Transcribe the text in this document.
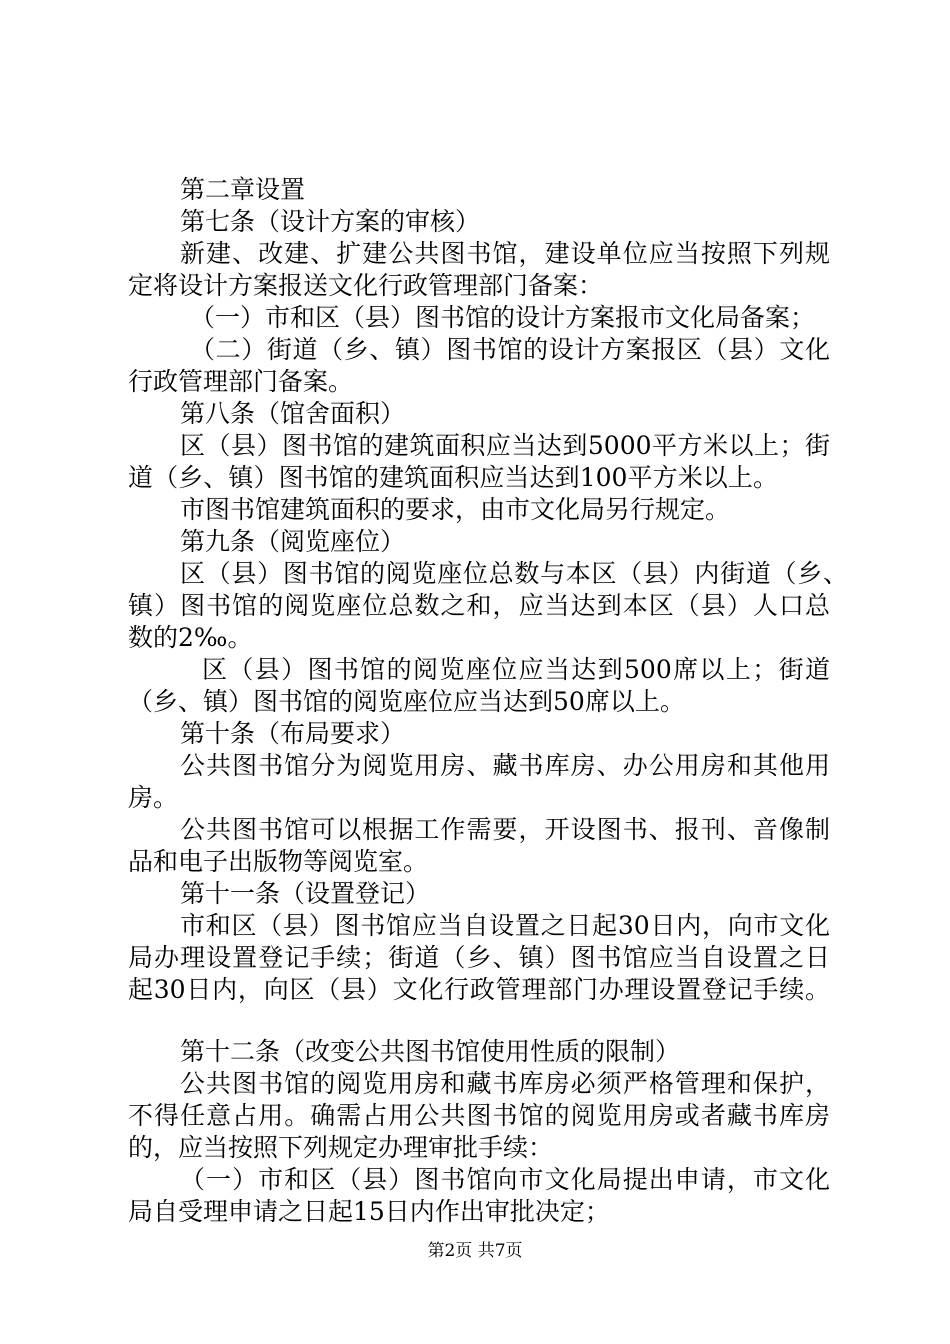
第二章设置
第七条（设计方案的审核）
新建、改建、扩建公共图书馆，建设单位应当按照下列规
定将设计方案报送文化行政管理部门备案：
（一）市和区（县）图书馆的设计方案报市文化局备案；
（二）街道（乡、镇）图书馆的设计方案报区（县）文化
行政管理部门备案。
第八条（馆舍面积）
区（县）图书馆的建筑面积应当达到5000平方米以上；街
道（乡、镇）图书馆的建筑面积应当达到100平方米以上。
市图书馆建筑面积的要求，由市文化局另行规定。
第九条（阅览座位）
区（县）图书馆的阅览座位总数与本区（县）内街道（乡、
镇）图书馆的阅览座位总数之和，应当达到本区（县）人口总
数的2‰。
区（县）图书馆的阅览座位应当达到500席以上；街道
（乡、镇）图书馆的阅览座位应当达到50席以上。
第十条（布局要求）
公共图书馆分为阅览用房、藏书库房、办公用房和其他用
房。
公共图书馆可以根据工作需要，开设图书、报刊、音像制
品和电子出版物等阅览室。
第十一条（设置登记）
市和区（县）图书馆应当自设置之日起30日内，向市文化
局办理设置登记手续；街道（乡、镇）图书馆应当自设置之日
起30日内，向区（县）文化行政管理部门办理设置登记手续。
第十二条（改变公共图书馆使用性质的限制）
公共图书馆的阅览用房和藏书库房必须严格管理和保护，
不得任意占用。确需占用公共图书馆的阅览用房或者藏书库房
的，应当按照下列规定办理审批手续：
（一）市和区（县）图书馆向市文化局提出申请，市文化
局自受理申请之日起15日内作出审批决定；
第2页 共7页
